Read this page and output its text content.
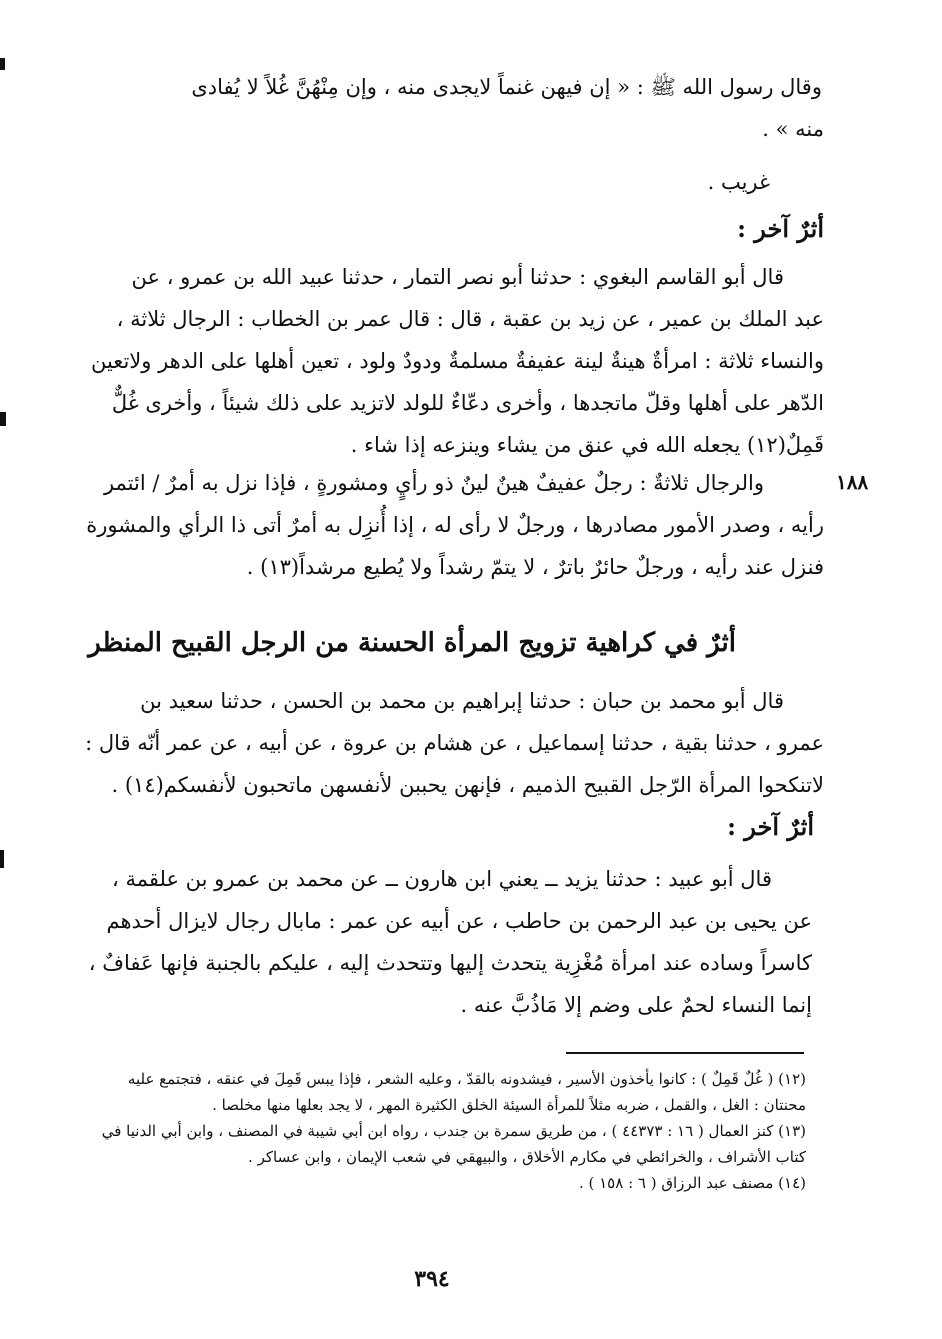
وقال رسول الله ﷺ : « إن فيهن غنماً لايجدى منه ، وإن مِنْهُنَّ غُلاً لا يُفادى
منه » .
غريب .
أثرٌ آخر :
قال أبو القاسم البغوي : حدثنا أبو نصر التمار ، حدثنا عبيد الله بن عمرو ، عن
عبد الملك بن عمير ، عن زيد بن عقبة ، قال : قال عمر بن الخطاب : الرجال ثلاثة ،
والنساء ثلاثة : امرأةٌ هينةٌ لينة عفيفةٌ مسلمةٌ ودودٌ ولود ، تعين أهلها على الدهر ولاتعين
الدّهر على أهلها وقلّ ماتجدها ، وأخرى دعّاءٌ للولد لاتزيد على ذلك شيئاً ، وأخرى غُلٌّ
قَمِلٌ(١٢) يجعله الله في عنق من يشاء وينزعه إذا شاء .
١٨٨
والرجال ثلاثةٌ : رجلٌ عفيفٌ هينٌ لينٌ ذو رأيٍ ومشورةٍ ، فإذا نزل به أمرٌ / ائتمر
رأيه ، وصدر الأمور مصادرها ، ورجلٌ لا رأى له ، إذا أُنزِل به أمرٌ أتى ذا الرأي والمشورة
فنزل عند رأيه ، ورجلٌ حائرٌ باترٌ ، لا يتمّ رشداً ولا يُطيع مرشداً(١٣) .
أثرٌ في كراهية تزويج المرأة الحسنة من الرجل القبيح المنظر
قال أبو محمد بن حبان : حدثنا إبراهيم بن محمد بن الحسن ، حدثنا سعيد بن
عمرو ، حدثنا بقية ، حدثنا إسماعيل ، عن هشام بن عروة ، عن أبيه ، عن عمر أنّه قال :
لاتنكحوا المرأة الرّجل القبيح الذميم ، فإنهن يحببن لأنفسهن ماتحبون لأنفسكم(١٤) .
أثرٌ آخر :
قال أبو عبيد : حدثنا يزيد ــ يعني ابن هارون ــ عن محمد بن عمرو بن علقمة ،
عن يحيى بن عبد الرحمن بن حاطب ، عن أبيه عن عمر : مابال رجال لايزال أحدهم
كاسراً وساده عند امرأة مُغْزِية يتحدث إليها وتتحدث إليه ، عليكم بالجنبة فإنها عَفافٌ ،
إنما النساء لحمٌ على وضم إلا مَاذُبَّ عنه .
(١٢) ( غُلٌ قَمِلٌ ) : كانوا يأخذون الأسير ، فيشدونه بالقدّ ، وعليه الشعر ، فإذا يبس قَمِلَ في عنقه ، فتجتمع عليه
محنتان : الغل ، والقمل ، ضربه مثلاً للمرأة السيئة الخلق الكثيرة المهر ، لا يجد بعلها منها مخلصا .
(١٣) كنز العمال ( ١٦ : ٤٤٣٧٣ ) ، من طريق سمرة بن جندب ، رواه ابن أبي شيبة في المصنف ، وابن أبي الدنيا في
كتاب الأشراف ، والخرائطي في مكارم الأخلاق ، والبيهقي في شعب الإيمان ، وابن عساكر .
(١٤) مصنف عبد الرزاق ( ٦ : ١٥٨ ) .
٣٩٤
